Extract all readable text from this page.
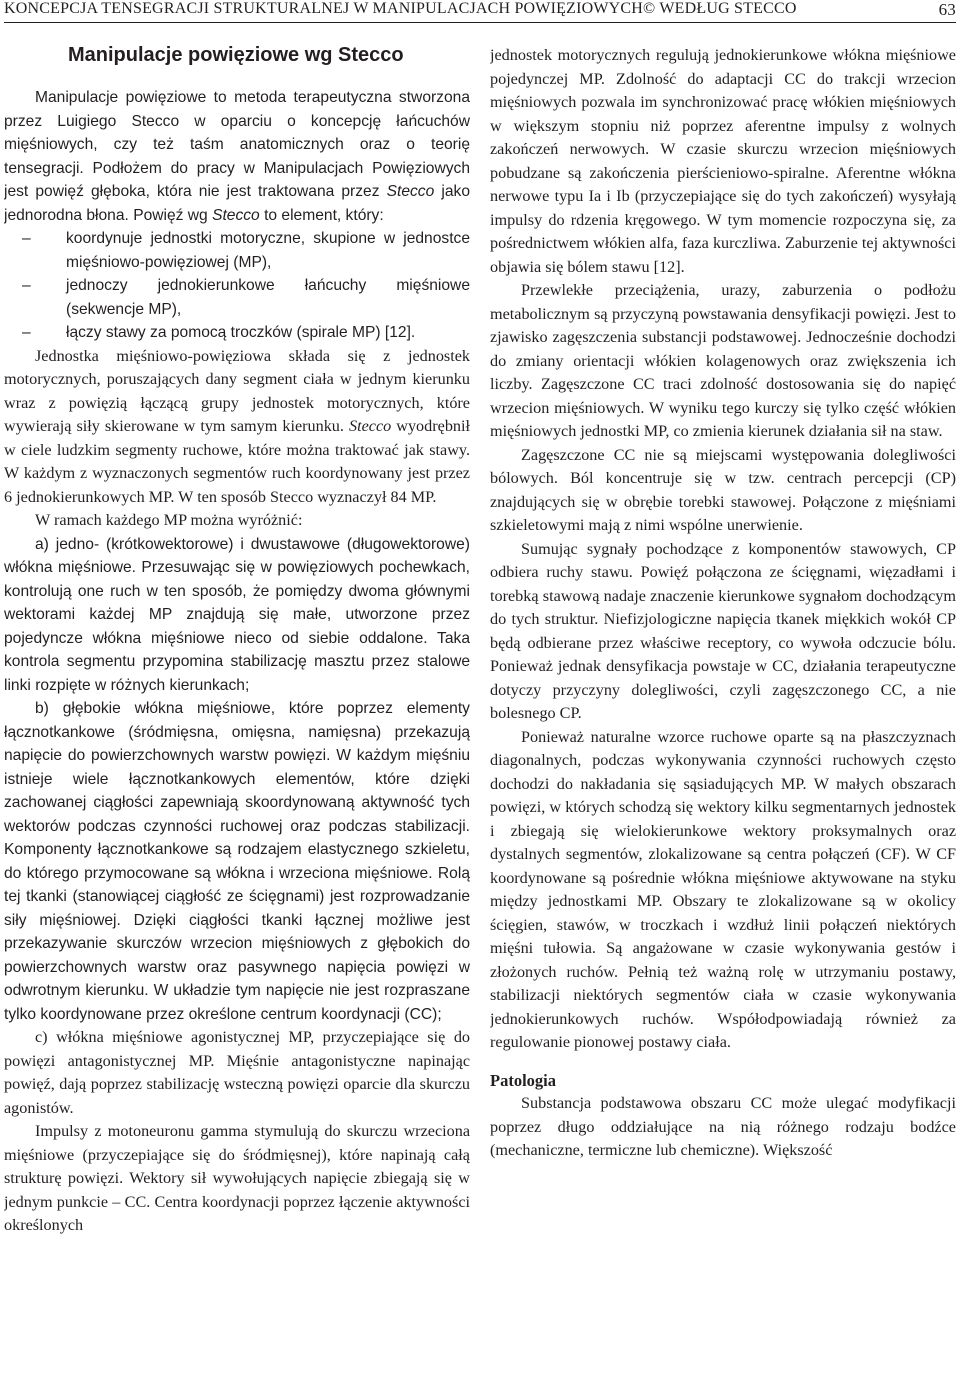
KONCEPCJA TENSEGRACJI STRUKTURALNEJ W MANIPULACJACH POWIĘZIOWYCH© WEDŁUG STECCO	63
Manipulacje powięziowe wg Stecco

Manipulacje powięziowe to metoda terapeutyczna stworzona przez Luigiego Stecco w oparciu o koncepcję łańcuchów mięśniowych, czy też taśm anatomicznych oraz o teorię tensegracji. Podłożem do pracy w Manipulacjach Powięziowych jest powięź głęboka, która nie jest traktowana przez Stecco jako jednorodna błona. Powięź wg Stecco to element, który:

– koordynuje jednostki motoryczne, skupione w jednostce mięśniowo-powięziowej (MP),

– jednoczy jednokierunkowe łańcuchy mięśniowe (sekwencje MP),

– łączy stawy za pomocą troczków (spirale MP) [12].

Jednostka mięśniowo-powięziowa składa się z jednostek motorycznych, poruszających dany segment ciała w jednym kierunku wraz z powięzią łączącą grupy jednostek motorycznych, które wywierają siły skierowane w tym samym kierunku. Stecco wyodrębnił w ciele ludzkim segmenty ruchowe, które można traktować jak stawy. W każdym z wyznaczonych segmentów ruch koordynowany jest przez 6 jednokierunkowych MP. W ten sposób Stecco wyznaczył 84 MP.

W ramach każdego MP można wyróżnić:

a) jedno- (krótkowektorowe) i dwustawowe (długowektorowe) włókna mięśniowe. Przesuwając się w powięziowych pochewkach, kontrolują one ruch w ten sposób, że pomiędzy dwoma głównymi wektorami każdej MP znajdują się małe, utworzone przez pojedyncze włókna mięśniowe nieco od siebie oddalone. Taka kontrola segmentu przypomina stabilizację masztu przez stalowe linki rozpięte w różnych kierunkach;

b) głębokie włókna mięśniowe, które poprzez elementy łącznotkankowe (śródmięsna, omięsna, namięsna) przekazują napięcie do powierzchownych warstw powięzi. W każdym mięśniu istnieje wiele łącznotkankowych elementów, które dzięki zachowanej ciągłości zapewniają skoordynowaną aktywność tych wektorów podczas czynności ruchowej oraz podczas stabilizacji. Komponenty łącznotkankowe są rodzajem elastycznego szkieletu, do którego przymocowane są włókna i wrzeciona mięśniowe. Rolą tej tkanki (stanowiącej ciągłość ze ścięgnami) jest rozprowadzanie siły mięśniowej. Dzięki ciągłości tkanki łącznej możliwe jest przekazywanie skurczów wrzecion mięśniowych z głębokich do powierzchownych warstw oraz pasywnego napięcia powięzi w odwrotnym kierunku. W układzie tym napięcie nie jest rozpraszane tylko koordynowane przez określone centrum koordynacji (CC);

c) włókna mięśniowe agonistycznej MP, przyczepiające się do powięzi antagonistycznej MP. Mięśnie antagonistyczne napinając powięź, dają poprzez stabilizację wsteczną powięzi oparcie dla skurczu agonistów.

Impulsy z motoneuronu gamma stymulują do skurczu wrzeciona mięśniowe (przyczepiające się do śródmięsnej), które napinają całą strukturę powięzi. Wektory sił wywołujących napięcie zbiegają się w jednym punkcie – CC. Centra koordynacji poprzez łączenie aktywności określonych

jednostek motorycznych regulują jednokierunkowe włókna mięśniowe pojedynczej MP. Zdolność do adaptacji CC do trakcji wrzecion mięśniowych pozwala im synchronizować pracę włókien mięśniowych w większym stopniu niż poprzez aferentne impulsy z wolnych zakończeń nerwowych. W czasie skurczu wrzecion mięśniowych pobudzane są zakończenia pierścieniowo-spiralne. Aferentne włókna nerwowe typu Ia i Ib (przyczepiające się do tych zakończeń) wysyłają impulsy do rdzenia kręgowego. W tym momencie rozpoczyna się, za pośrednictwem włókien alfa, faza kurczliwa. Zaburzenie tej aktywności objawia się bólem stawu [12].

Przewlekłe przeciążenia, urazy, zaburzenia o podłożu metabolicznym są przyczyną powstawania densyfikacji powięzi. Jest to zjawisko zagęszczenia substancji podstawowej. Jednocześnie dochodzi do zmiany orientacji włókien kolagenowych oraz zwiększenia ich liczby. Zagęszczone CC traci zdolność dostosowania się do napięć wrzecion mięśniowych. W wyniku tego kurczy się tylko część włókien mięśniowych jednostki MP, co zmienia kierunek działania sił na staw.

Zagęszczone CC nie są miejscami występowania dolegliwości bólowych. Ból koncentruje się w tzw. centrach percepcji (CP) znajdujących się w obrębie torebki stawowej. Połączone z mięśniami szkieletowymi mają z nimi wspólne unerwienie.

Sumując sygnały pochodzące z komponentów stawowych, CP odbiera ruchy stawu. Powięź połączona ze ścięgnami, więzadłami i torebką stawową nadaje znaczenie kierunkowe sygnałom dochodzącym do tych struktur. Niefizjologiczne napięcia tkanek miękkich wokół CP będą odbierane przez właściwe receptory, co wywoła odczucie bólu. Ponieważ jednak densyfikacja powstaje w CC, działania terapeutyczne dotyczy przyczyny dolegliwości, czyli zagęszczonego CC, a nie bolesnego CP.

Ponieważ naturalne wzorce ruchowe oparte są na płaszczyznach diagonalnych, podczas wykonywania czynności ruchowych często dochodzi do nakładania się sąsiadujących MP. W małych obszarach powięzi, w których schodzą się wektory kilku segmentarnych jednostek i zbiegają się wielokierunkowe wektory proksymalnych oraz dystalnych segmentów, zlokalizowane są centra połączeń (CF). W CF koordynowane są pośrednie włókna mięśniowe aktywowane na styku między jednostkami MP. Obszary te zlokalizowane są w okolicy ścięgien, stawów, w troczkach i wzdłuż linii połączeń niektórych mięśni tułowia. Są angażowane w czasie wykonywania gestów i złożonych ruchów. Pełnią też ważną rolę w utrzymaniu postawy, stabilizacji niektórych segmentów ciała w czasie wykonywania jednokierunkowych ruchów. Współodpowiadają również za regulowanie pionowej postawy ciała.

Patologia

Substancja podstawowa obszaru CC może ulegać modyfikacji poprzez długo oddziałujące na nią różnego rodzaju bodźce (mechaniczne, termiczne lub chemiczne). Większość
